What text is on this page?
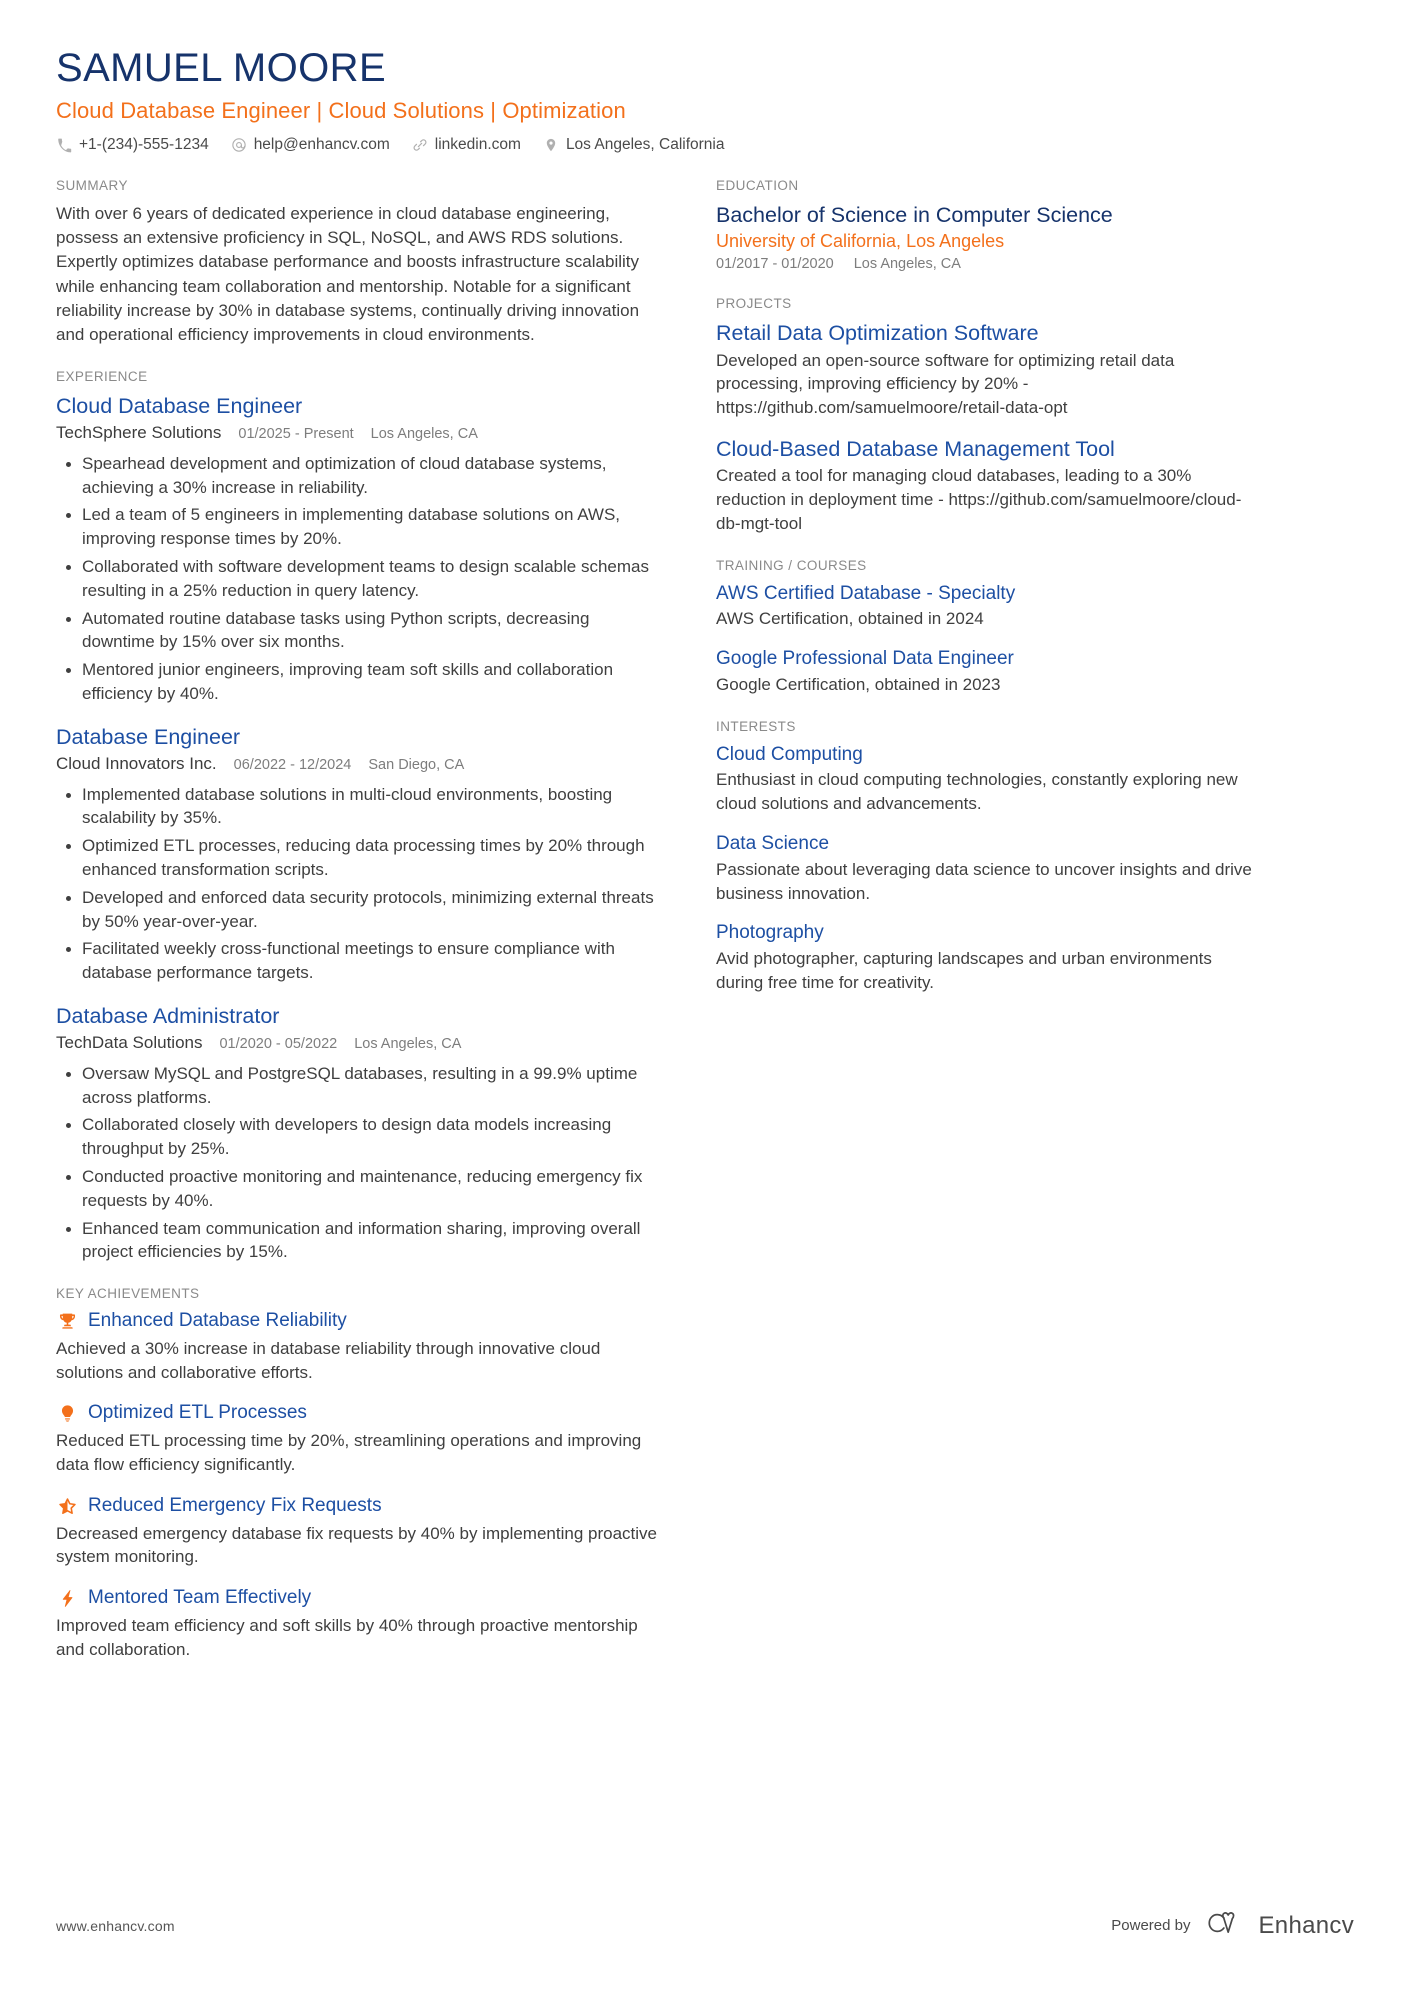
SAMUEL MOORE
Cloud Database Engineer | Cloud Solutions | Optimization
+1-(234)-555-1234	help@enhancv.com	linkedin.com	Los Angeles, California
SUMMARY
With over 6 years of dedicated experience in cloud database engineering, possess an extensive proficiency in SQL, NoSQL, and AWS RDS solutions. Expertly optimizes database performance and boosts infrastructure scalability while enhancing team collaboration and mentorship. Notable for a significant reliability increase by 30% in database systems, continually driving innovation and operational efficiency improvements in cloud environments.
EXPERIENCE
Cloud Database Engineer
TechSphere Solutions 01/2025 - Present Los Angeles, CA
Spearhead development and optimization of cloud database systems, achieving a 30% increase in reliability.
Led a team of 5 engineers in implementing database solutions on AWS, improving response times by 20%.
Collaborated with software development teams to design scalable schemas resulting in a 25% reduction in query latency.
Automated routine database tasks using Python scripts, decreasing downtime by 15% over six months.
Mentored junior engineers, improving team soft skills and collaboration efficiency by 40%.
Database Engineer
Cloud Innovators Inc. 06/2022 - 12/2024 San Diego, CA
Implemented database solutions in multi-cloud environments, boosting scalability by 35%.
Optimized ETL processes, reducing data processing times by 20% through enhanced transformation scripts.
Developed and enforced data security protocols, minimizing external threats by 50% year-over-year.
Facilitated weekly cross-functional meetings to ensure compliance with database performance targets.
Database Administrator
TechData Solutions 01/2020 - 05/2022 Los Angeles, CA
Oversaw MySQL and PostgreSQL databases, resulting in a 99.9% uptime across platforms.
Collaborated closely with developers to design data models increasing throughput by 25%.
Conducted proactive monitoring and maintenance, reducing emergency fix requests by 40%.
Enhanced team communication and information sharing, improving overall project efficiencies by 15%.
KEY ACHIEVEMENTS
Enhanced Database Reliability
Achieved a 30% increase in database reliability through innovative cloud solutions and collaborative efforts.
Optimized ETL Processes
Reduced ETL processing time by 20%, streamlining operations and improving data flow efficiency significantly.
Reduced Emergency Fix Requests
Decreased emergency database fix requests by 40% by implementing proactive system monitoring.
Mentored Team Effectively
Improved team efficiency and soft skills by 40% through proactive mentorship and collaboration.
EDUCATION
Bachelor of Science in Computer Science
University of California, Los Angeles
01/2017 - 01/2020 Los Angeles, CA
PROJECTS
Retail Data Optimization Software
Developed an open-source software for optimizing retail data processing, improving efficiency by 20% - https://github.com/samuelmoore/retail-data-opt
Cloud-Based Database Management Tool
Created a tool for managing cloud databases, leading to a 30% reduction in deployment time - https://github.com/samuelmoore/cloud-db-mgt-tool
TRAINING / COURSES
AWS Certified Database - Specialty
AWS Certification, obtained in 2024
Google Professional Data Engineer
Google Certification, obtained in 2023
INTERESTS
Cloud Computing
Enthusiast in cloud computing technologies, constantly exploring new cloud solutions and advancements.
Data Science
Passionate about leveraging data science to uncover insights and drive business innovation.
Photography
Avid photographer, capturing landscapes and urban environments during free time for creativity.
www.enhancv.com	Powered by	Enhancv
